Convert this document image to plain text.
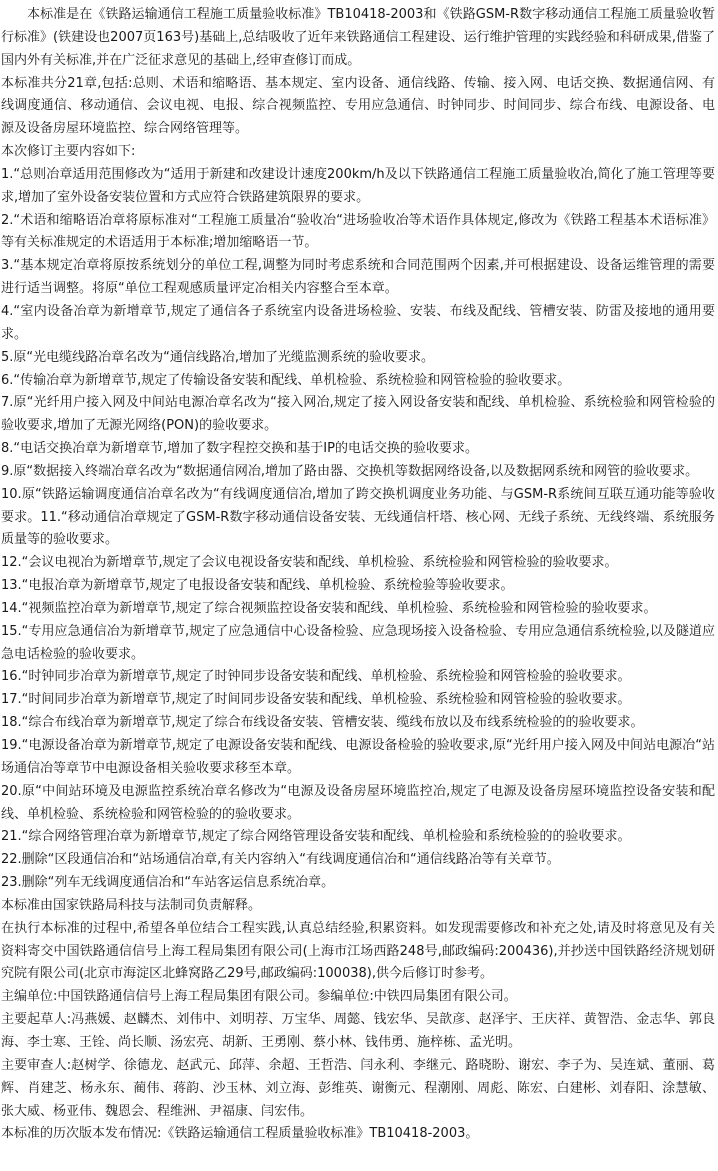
本标准是在《铁路运输通信工程施工质量验收标准》TB10418-2003和《铁路GSM-R数字移动通信工程施工质量验收暂行标准》(铁建设也2007页163号)基础上,总结吸收了近年来铁路通信工程建设、运行维护管理的实践经验和科研成果,借鉴了国内外有关标准,并在广泛征求意见的基础上,经审查修订而成。

本标准共分21章,包括:总则、术语和缩略语、基本规定、室内设备、通信线路、传输、接入网、电话交换、数据通信网、有线调度通信、移动通信、会议电视、电报、综合视频监控、专用应急通信、时钟同步、时间同步、综合布线、电源设备、电源及设备房屋环境监控、综合网络管理等。

本次修订主要内容如下:

1.“总则冶章适用范围修改为“适用于新建和改建设计速度200km/h及以下铁路通信工程施工质量验收冶,简化了施工管理等要求,增加了室外设备安装位置和方式应符合铁路建筑限界的要求。

2.“术语和缩略语冶章将原标准对“工程施工质量冶“验收冶“进场验收冶等术语作具体规定,修改为《铁路工程基本术语标准》等有关标准规定的术语适用于本标准;增加缩略语一节。

3.“基本规定冶章将原按系统划分的单位工程,调整为同时考虑系统和合同范围两个因素,并可根据建设、设备运维管理的需要进行适当调整。将原“单位工程观感质量评定冶相关内容整合至本章。

4.“室内设备冶章为新增章节,规定了通信各子系统室内设备进场检验、安装、布线及配线、管槽安装、防雷及接地的通用要求。

5.原“光电缆线路冶章名改为“通信线路冶,增加了光缆监测系统的验收要求。

6.“传输冶章为新增章节,规定了传输设备安装和配线、单机检验、系统检验和网管检验的验收要求。

7.原“光纤用户接入网及中间站电源冶章名改为“接入网冶,规定了接入网设备安装和配线、单机检验、系统检验和网管检验的验收要求,增加了无源光网络(PON)的验收要求。

8.“电话交换冶章为新增章节,增加了数字程控交换和基于IP的电话交换的验收要求。

9.原“数据接入终端冶章名改为“数据通信网冶,增加了路由器、交换机等数据网络设备,以及数据网系统和网管的验收要求。

10.原“铁路运输调度通信冶章名改为“有线调度通信冶,增加了跨交换机调度业务功能、与GSM-R系统间互联互通功能等验收要求。11.“移动通信冶章规定了GSM-R数字移动通信设备安装、无线通信杆塔、核心网、无线子系统、无线终端、系统服务质量等的验收要求。

12.“会议电视冶为新增章节,规定了会议电视设备安装和配线、单机检验、系统检验和网管检验的验收要求。

13.“电报冶章为新增章节,规定了电报设备安装和配线、单机检验、系统检验等验收要求。

14.“视频监控冶章为新增章节,规定了综合视频监控设备安装和配线、单机检验、系统检验和网管检验的验收要求。

15.“专用应急通信冶为新增章节,规定了应急通信中心设备检验、应急现场接入设备检验、专用应急通信系统检验,以及隧道应急电话检验的验收要求。

16.“时钟同步冶章为新增章节,规定了时钟同步设备安装和配线、单机检验、系统检验和网管检验的验收要求。

17.“时间同步冶章为新增章节,规定了时间同步设备安装和配线、单机检验、系统检验和网管检验的验收要求。

18.“综合布线冶章为新增章节,规定了综合布线设备安装、管槽安装、缆线布放以及布线系统检验的的验收要求。

19.“电源设备冶章为新增章节,规定了电源设备安装和配线、电源设备检验的验收要求,原“光纤用户接入网及中间站电源冶“站场通信冶等章节中电源设备相关验收要求移至本章。

20.原“中间站环境及电源监控系统冶章名修改为“电源及设备房屋环境监控冶,规定了电源及设备房屋环境监控设备安装和配线、单机检验、系统检验和网管检验的的验收要求。

21.“综合网络管理冶章为新增章节,规定了综合网络管理设备安装和配线、单机检验和系统检验的的验收要求。

22.删除“区段通信冶和“站场通信冶章,有关内容纳入“有线调度通信冶和“通信线路冶等有关章节。

23.删除“列车无线调度通信冶和“车站客运信息系统冶章。

本标准由国家铁路局科技与法制司负责解释。

在执行本标准的过程中,希望各单位结合工程实践,认真总结经验,积累资料。如发现需要修改和补充之处,请及时将意见及有关资料寄交中国铁路通信信号上海工程局集团有限公司(上海市江场西路248号,邮政编码:200436),并抄送中国铁路经济规划研究院有限公司(北京市海淀区北蜂窝路乙29号,邮政编码:100038),供今后修订时参考。

主编单位:中国铁路通信信号上海工程局集团有限公司。参编单位:中铁四局集团有限公司。

主要起草人:冯燕媛、赵麟杰、刘伟中、刘明荐、万宝华、周懿、钱宏华、吴歆彦、赵泽宇、王庆祥、黄智浩、金志华、郭良海、李士寒、王铨、尚长顺、汤宏亮、胡新、王勇刚、蔡小林、钱伟勇、施梓栋、孟光明。

主要审查人:赵树学、徐德龙、赵武元、邱萍、余超、王哲浩、闫永利、李继元、路晓盼、谢宏、李子为、吴连斌、董丽、葛辉、肖建芝、杨永东、蔺伟、蒋韵、沙玉林、刘立海、彭维英、谢衡元、程潮刚、周彪、陈宏、白建彬、刘春阳、涂慧敏、张大威、杨亚伟、魏恩会、程维洲、尹福康、闫宏伟。

本标准的历次版本发布情况:《铁路运输通信工程质量验收标准》TB10418-2003。
